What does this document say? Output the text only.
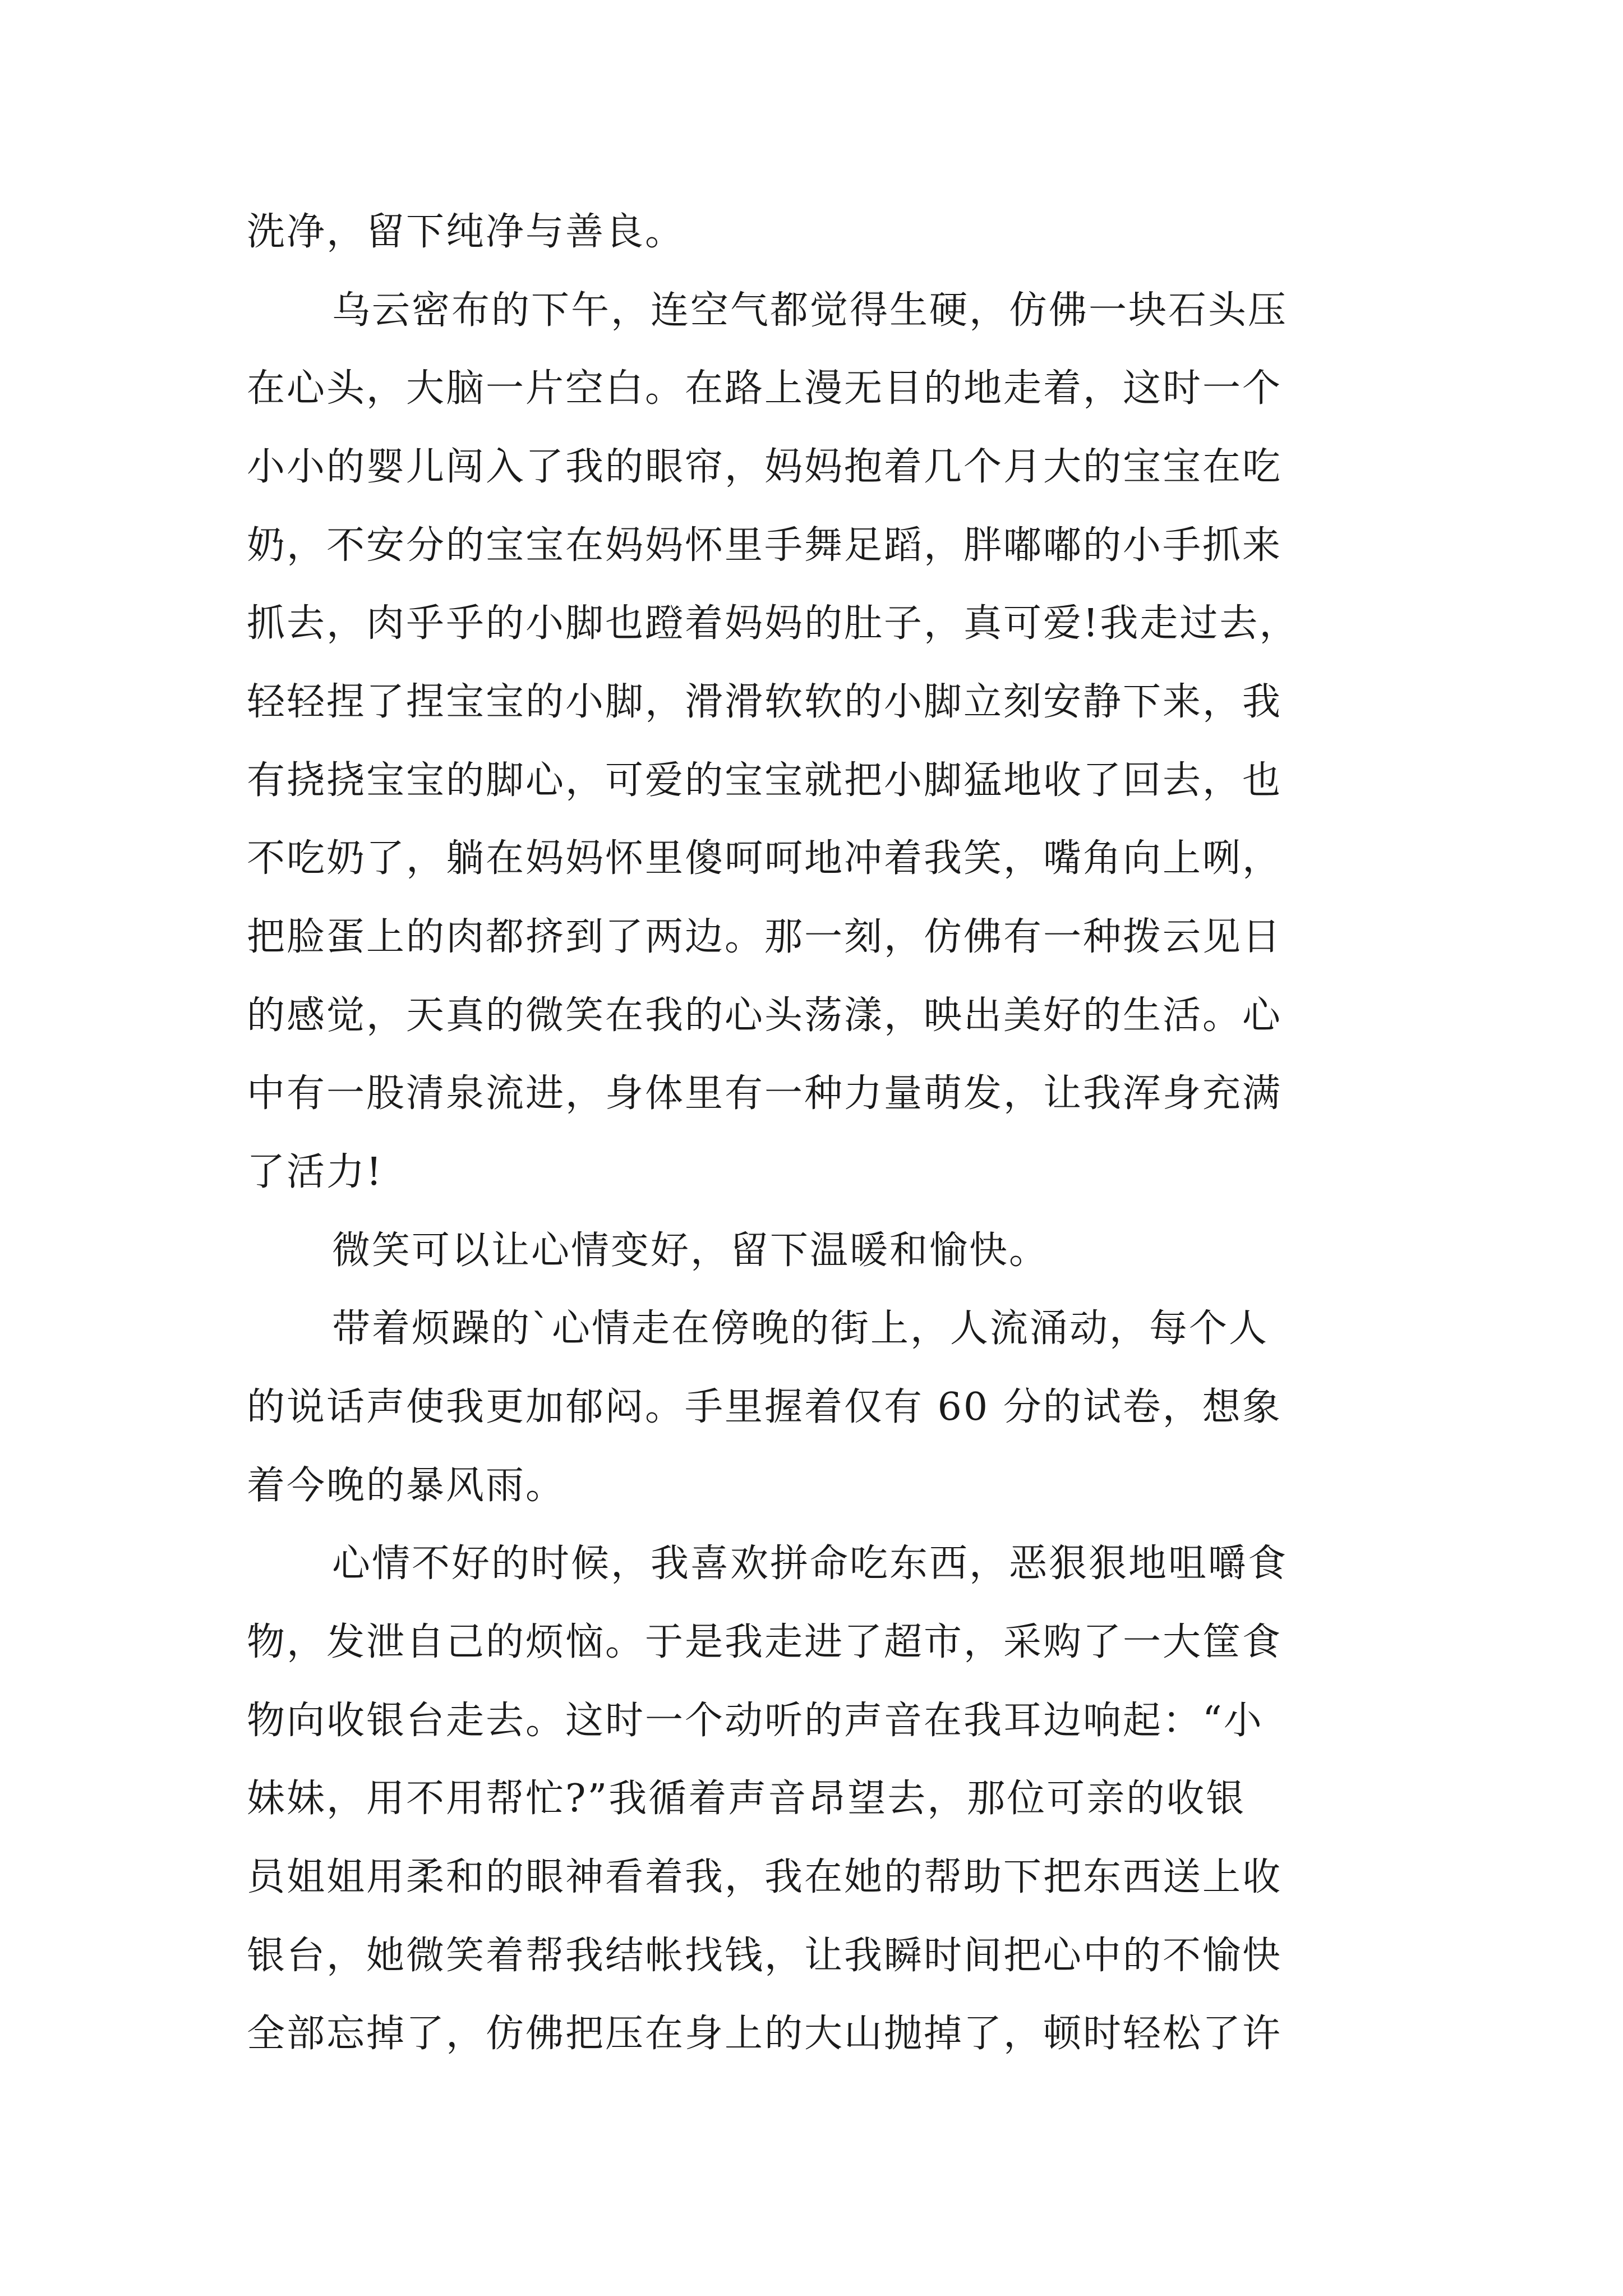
洗净，留下纯净与善良。
乌云密布的下午，连空气都觉得生硬，仿佛一块石头压
在心头，大脑一片空白。在路上漫无目的地走着，这时一个
小小的婴儿闯入了我的眼帘，妈妈抱着几个月大的宝宝在吃
奶，不安分的宝宝在妈妈怀里手舞足蹈，胖嘟嘟的小手抓来
抓去，肉乎乎的小脚也蹬着妈妈的肚子，真可爱!我走过去，
轻轻捏了捏宝宝的小脚，滑滑软软的小脚立刻安静下来，我
有挠挠宝宝的脚心，可爱的宝宝就把小脚猛地收了回去，也
不吃奶了，躺在妈妈怀里傻呵呵地冲着我笑，嘴角向上咧，
把脸蛋上的肉都挤到了两边。那一刻，仿佛有一种拨云见日
的感觉，天真的微笑在我的心头荡漾，映出美好的生活。心
中有一股清泉流进，身体里有一种力量萌发，让我浑身充满
了活力!
微笑可以让心情变好，留下温暖和愉快。
带着烦躁的`心情走在傍晚的街上，人流涌动，每个人
的说话声使我更加郁闷。手里握着仅有 60 分的试卷，想象
着今晚的暴风雨。
心情不好的时候，我喜欢拼命吃东西，恶狠狠地咀嚼食
物，发泄自己的烦恼。于是我走进了超市，采购了一大筐食
物向收银台走去。这时一个动听的声音在我耳边响起：“小
妹妹，用不用帮忙?”我循着声音昂望去，那位可亲的收银
员姐姐用柔和的眼神看着我，我在她的帮助下把东西送上收
银台，她微笑着帮我结帐找钱，让我瞬时间把心中的不愉快
全部忘掉了，仿佛把压在身上的大山抛掉了，顿时轻松了许
